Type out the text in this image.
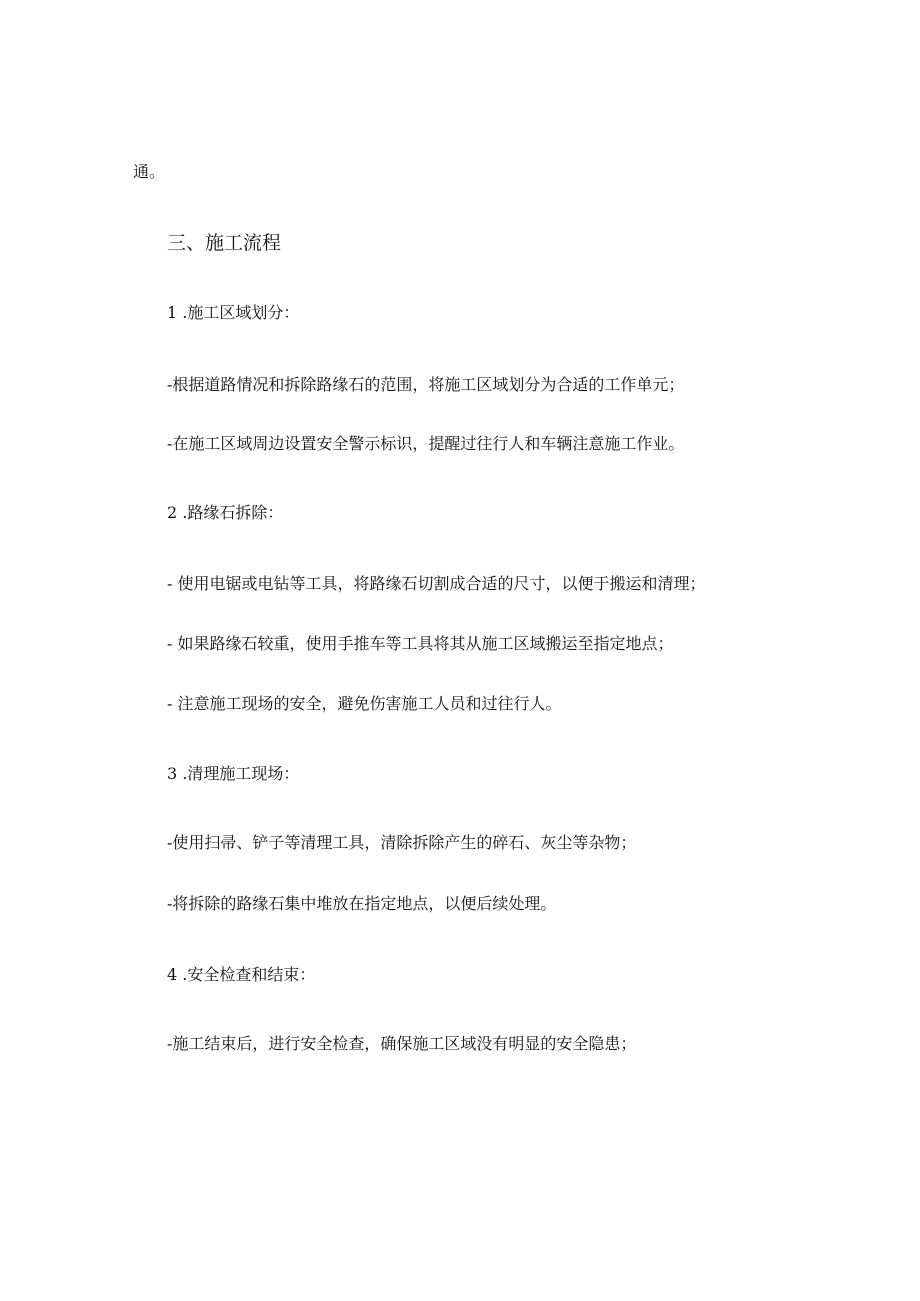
通。
三、施工流程
1 .施工区域划分：
-根据道路情况和拆除路缘石的范围，将施工区域划分为合适的工作单元；
-在施工区域周边设置安全警示标识，提醒过往行人和车辆注意施工作业。
2 .路缘石拆除：
- 使用电锯或电钻等工具，将路缘石切割成合适的尺寸，以便于搬运和清理；
- 如果路缘石较重，使用手推车等工具将其从施工区域搬运至指定地点；
- 注意施工现场的安全，避免伤害施工人员和过往行人。
3 .清理施工现场：
-使用扫帚、铲子等清理工具，清除拆除产生的碎石、灰尘等杂物；
-将拆除的路缘石集中堆放在指定地点，以便后续处理。
4 .安全检查和结束：
-施工结束后，进行安全检查，确保施工区域没有明显的安全隐患；
